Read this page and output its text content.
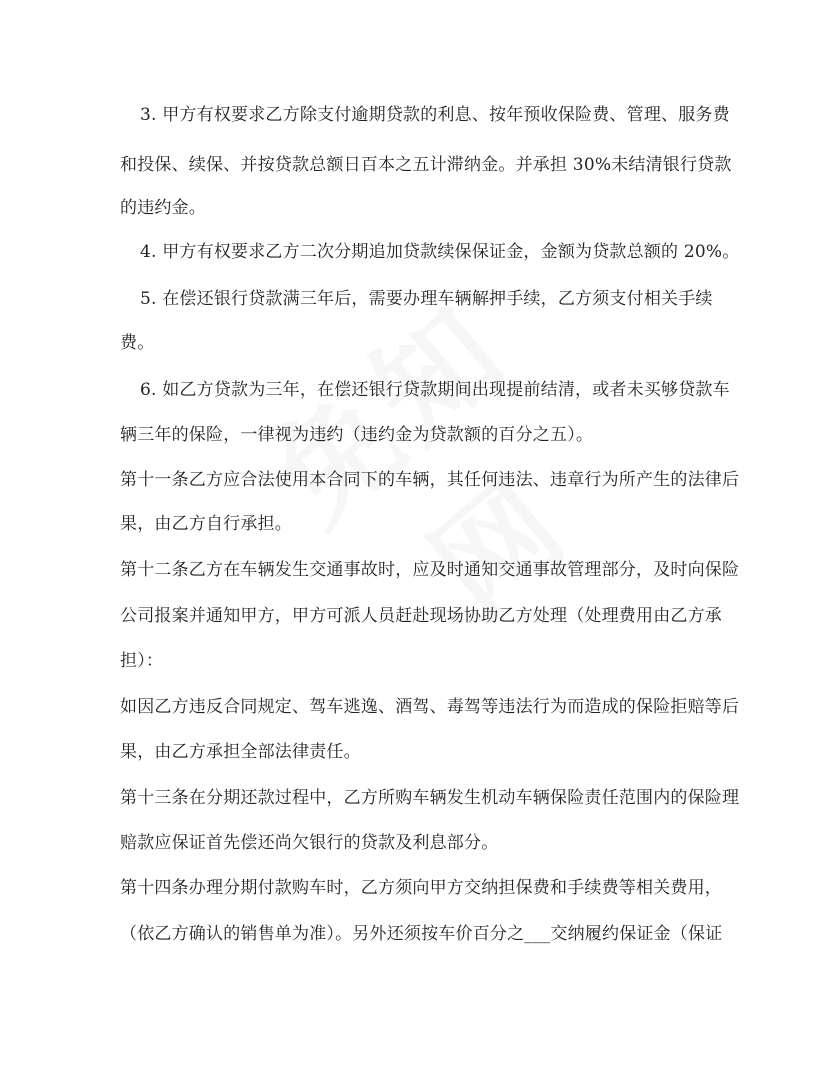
3. 甲方有权要求乙方除支付逾期贷款的利息、按年预收保险费、管理、服务费
和投保、续保、并按贷款总额日百本之五计滞纳金。并承担 30%未结清银行贷款
的违约金。
4. 甲方有权要求乙方二次分期追加贷款续保保证金，金额为贷款总额的 20%。
5. 在偿还银行贷款满三年后，需要办理车辆解押手续，乙方须支付相关手续
费。
6. 如乙方贷款为三年，在偿还银行贷款期间出现提前结清，或者未买够贷款车
辆三年的保险，一律视为违约（违约金为贷款额的百分之五）。
第十一条乙方应合法使用本合同下的车辆，其任何违法、违章行为所产生的法律后
果，由乙方自行承担。
第十二条乙方在车辆发生交通事故时，应及时通知交通事故管理部分，及时向保险
公司报案并通知甲方，甲方可派人员赶赴现场协助乙方处理（处理费用由乙方承
担）：
如因乙方违反合同规定、驾车逃逸、酒驾、毒驾等违法行为而造成的保险拒赔等后
果，由乙方承担全部法律责任。
第十三条在分期还款过程中，乙方所购车辆发生机动车辆保险责任范围内的保险理
赔款应保证首先偿还尚欠银行的贷款及利息部分。
第十四条办理分期付款购车时，乙方须向甲方交纳担保费和手续费等相关费用，
（依乙方确认的销售单为准）。另外还须按车价百分之___交纳履约保证金（保证
